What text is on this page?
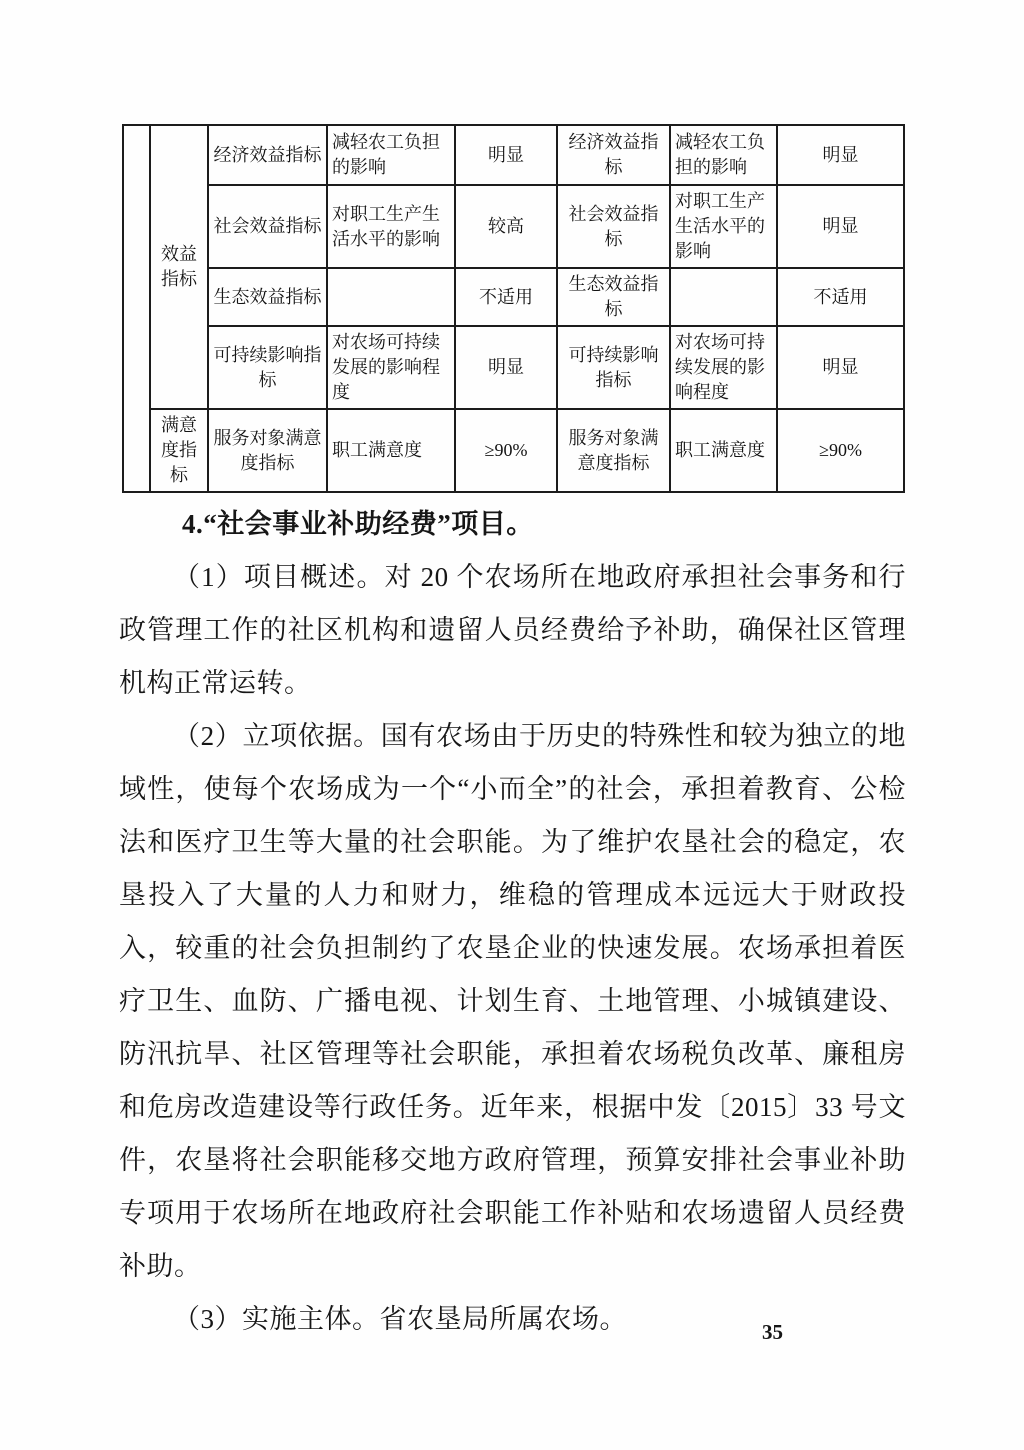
	效益指标	经济效益指标	减轻农工负担的影响	明显	经济效益指标	减轻农工负担的影响	明显
		社会效益指标	对职工生产生活水平的影响	较高	社会效益指标	对职工生产生活水平的影响	明显
		生态效益指标		不适用	生态效益指标		不适用
		可持续影响指标	对农场可持续发展的影响程度	明显	可持续影响指标	对农场可持续发展的影响程度	明显
	满意度指标	服务对象满意度指标	职工满意度	≥90%	服务对象满意度指标	职工满意度	≥90%
4.“社会事业补助经费”项目。

（1）项目概述。对 20 个农场所在地政府承担社会事务和行政管理工作的社区机构和遗留人员经费给予补助，确保社区管理机构正常运转。

（2）立项依据。国有农场由于历史的特殊性和较为独立的地域性，使每个农场成为一个“小而全”的社会，承担着教育、公检法和医疗卫生等大量的社会职能。为了维护农垦社会的稳定，农垦投入了大量的人力和财力，维稳的管理成本远远大于财政投入，较重的社会负担制约了农垦企业的快速发展。农场承担着医疗卫生、血防、广播电视、计划生育、土地管理、小城镇建设、防汛抗旱、社区管理等社会职能，承担着农场税负改革、廉租房和危房改造建设等行政任务。近年来，根据中发〔2015〕33 号文件，农垦将社会职能移交地方政府管理，预算安排社会事业补助专项用于农场所在地政府社会职能工作补贴和农场遗留人员经费补助。

（3）实施主体。省农垦局所属农场。	35
